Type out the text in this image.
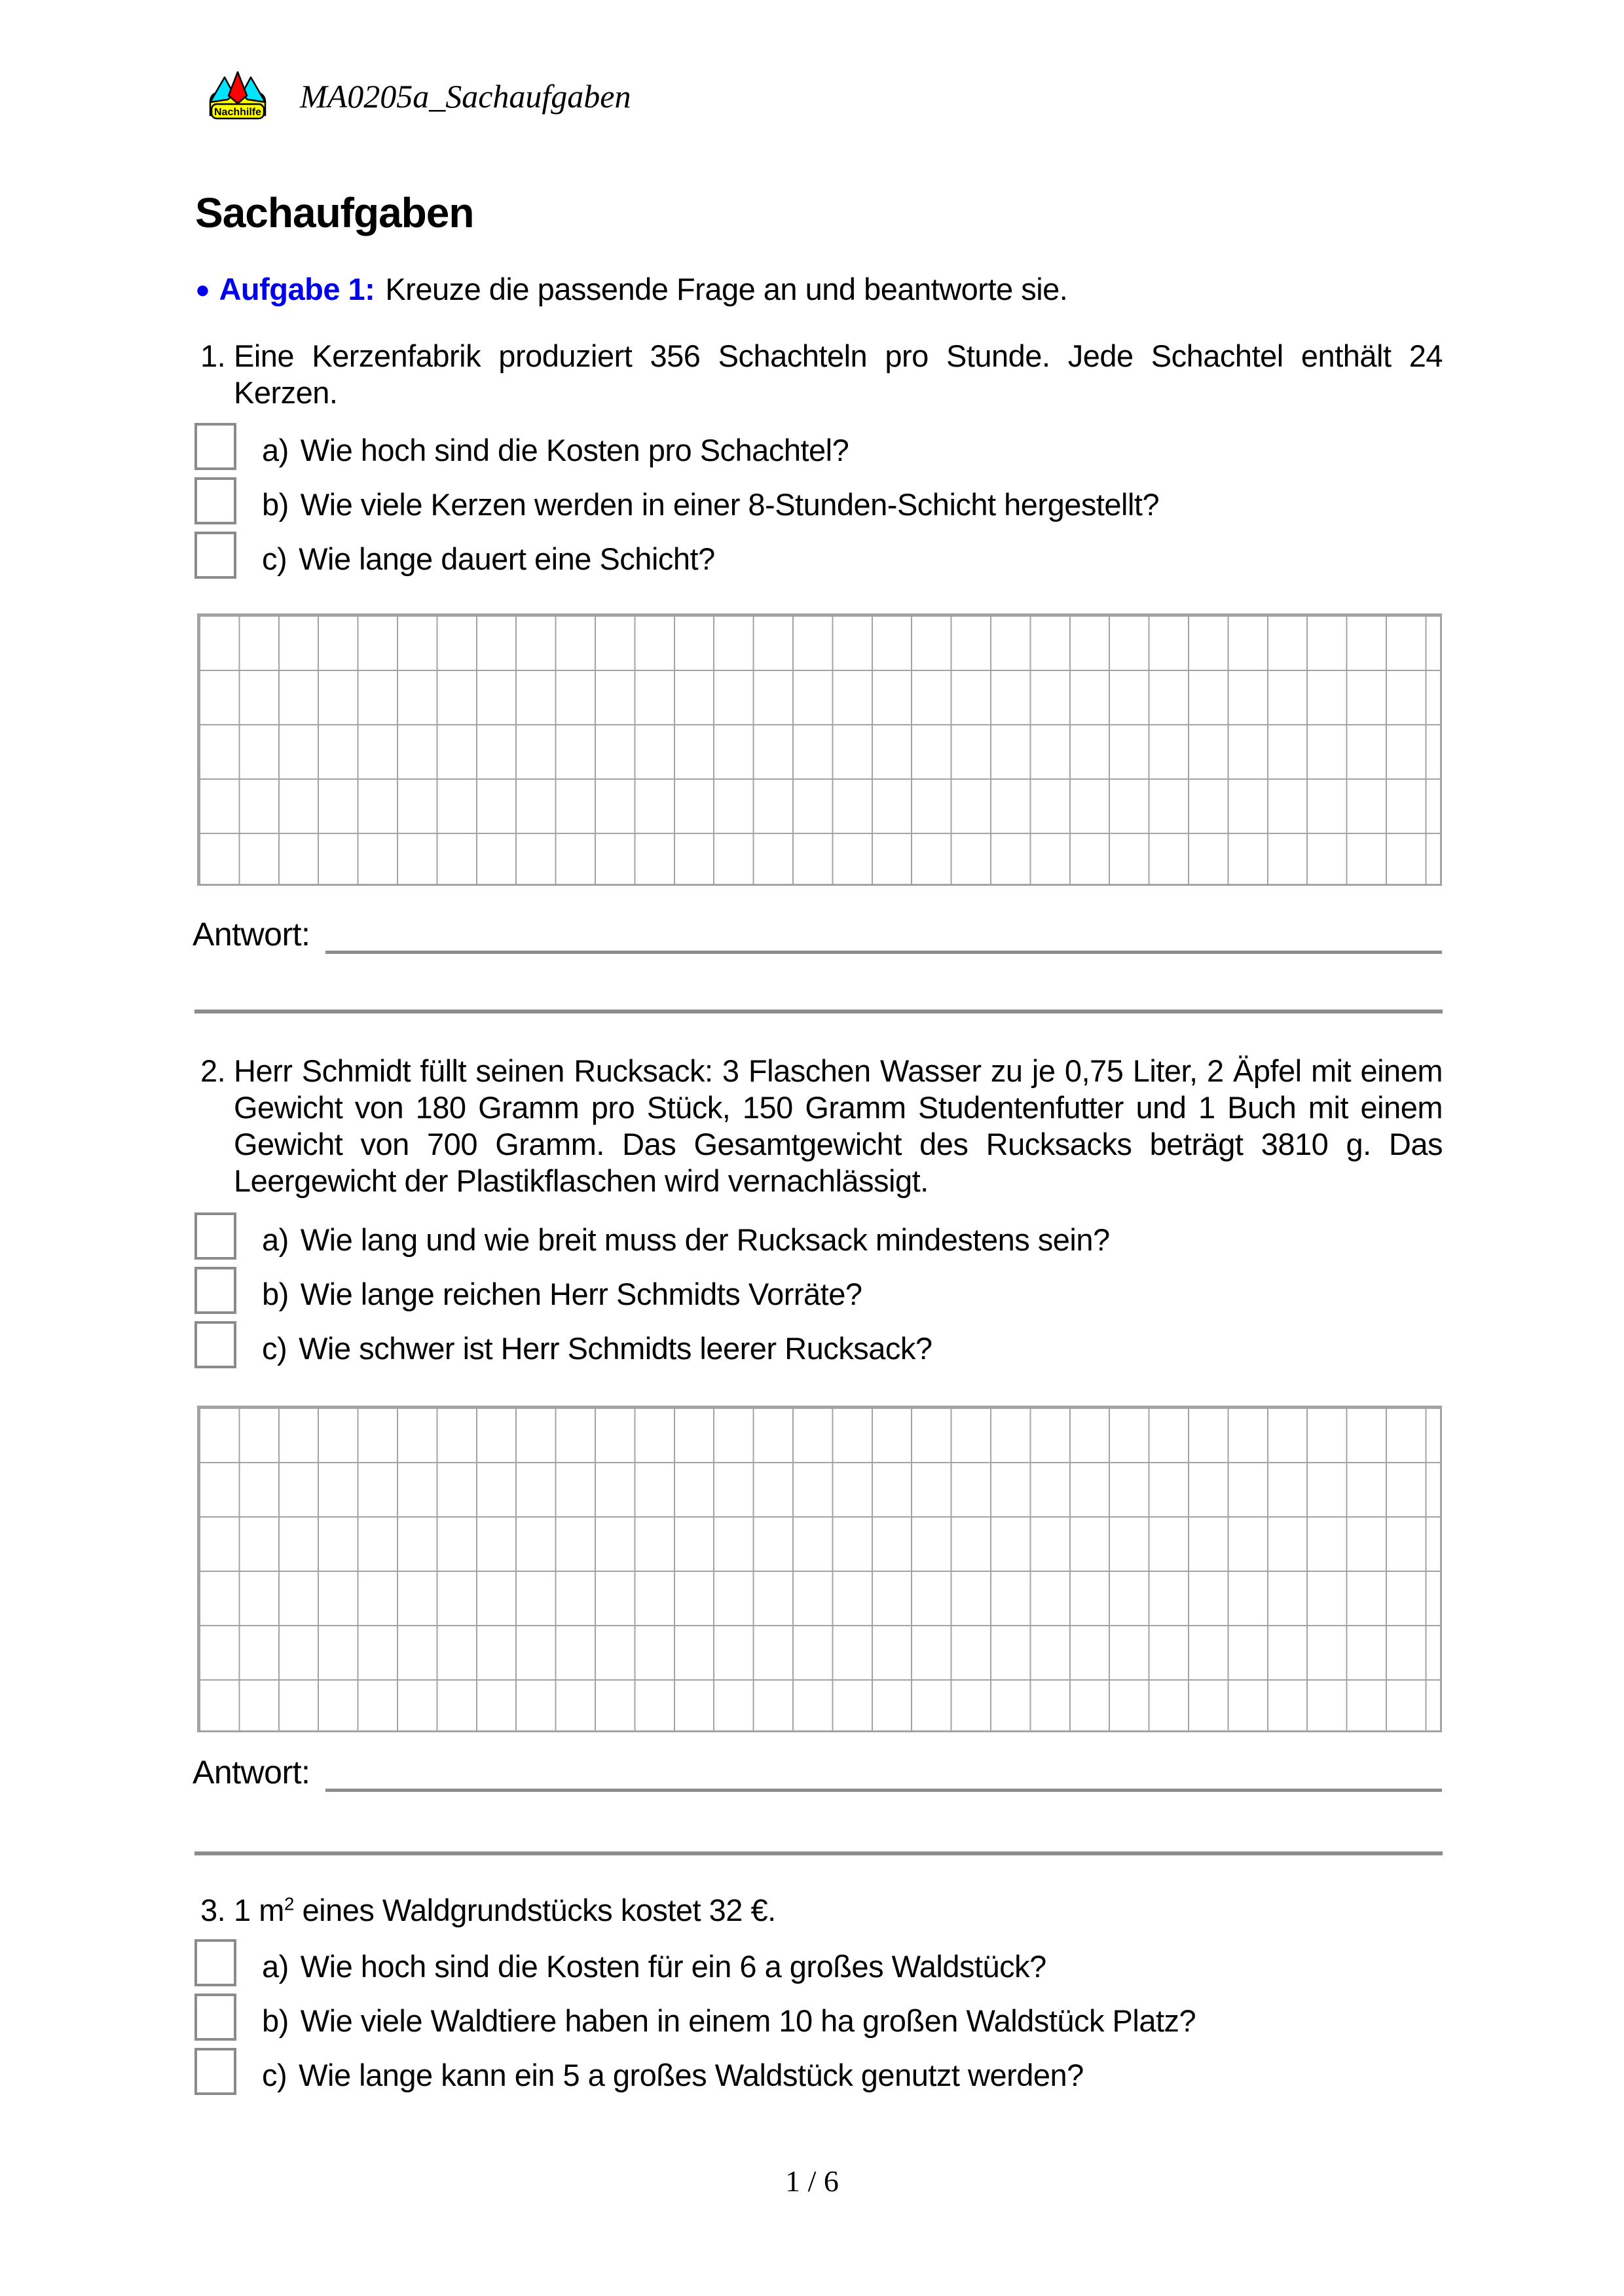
Nachhilfe MA0205a_Sachaufgaben
Sachaufgaben
● Aufgabe 1: Kreuze die passende Frage an und beantworte sie.
1. Eine Kerzenfabrik produziert 356 Schachteln pro Stunde. Jede Schachtel enthält 24 Kerzen.
a) Wie hoch sind die Kosten pro Schachtel?
b) Wie viele Kerzen werden in einer 8-Stunden-Schicht hergestellt?
c) Wie lange dauert eine Schicht?
Antwort:
2. Herr Schmidt füllt seinen Rucksack: 3 Flaschen Wasser zu je 0,75 Liter, 2 Äpfel mit einem Gewicht von 180 Gramm pro Stück, 150 Gramm Studentenfutter und 1 Buch mit einem Gewicht von 700 Gramm. Das Gesamtgewicht des Rucksacks beträgt 3810 g. Das Leergewicht der Plastikflaschen wird vernachlässigt.
a) Wie lang und wie breit muss der Rucksack mindestens sein?
b) Wie lange reichen Herr Schmidts Vorräte?
c) Wie schwer ist Herr Schmidts leerer Rucksack?
Antwort:
3. 1 $m^2$ eines Waldgrundstücks kostet 32 €.
a) Wie hoch sind die Kosten für ein 6 a großes Waldstück?
b) Wie viele Waldtiere haben in einem 10 ha großen Waldstück Platz?
c) Wie lange kann ein 5 a großes Waldstück genutzt werden?
1 / 6
